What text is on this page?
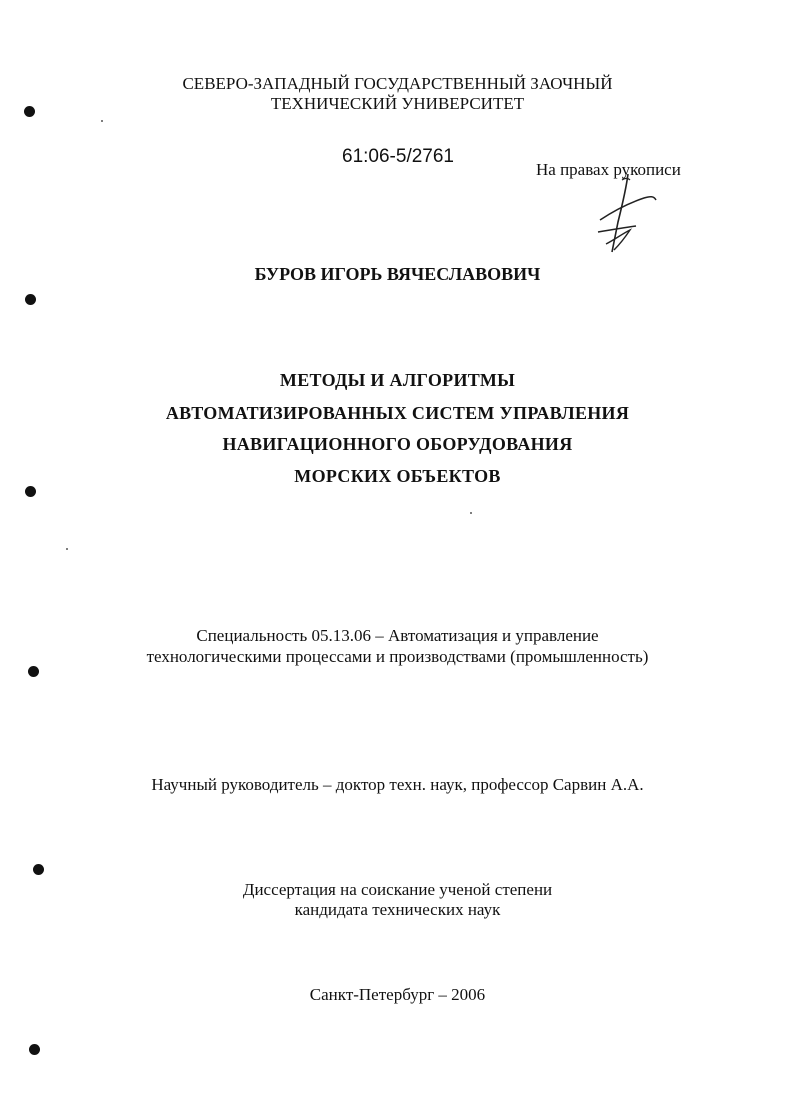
СЕВЕРО-ЗАПАДНЫЙ ГОСУДАРСТВЕННЫЙ ЗАОЧНЫЙ
ТЕХНИЧЕСКИЙ УНИВЕРСИТЕТ
61:06-5/2761
На правах рукописи
БУРОВ ИГОРЬ ВЯЧЕСЛАВОВИЧ
МЕТОДЫ И АЛГОРИТМЫ
АВТОМАТИЗИРОВАННЫХ СИСТЕМ УПРАВЛЕНИЯ
НАВИГАЦИОННОГО ОБОРУДОВАНИЯ
МОРСКИХ ОБЪЕКТОВ
Специальность 05.13.06 – Автоматизация и управление
технологическими процессами и производствами (промышленность)
Научный руководитель – доктор техн. наук, профессор Сарвин А.А.
Диссертация на соискание ученой степени
кандидата технических наук
Санкт-Петербург – 2006
